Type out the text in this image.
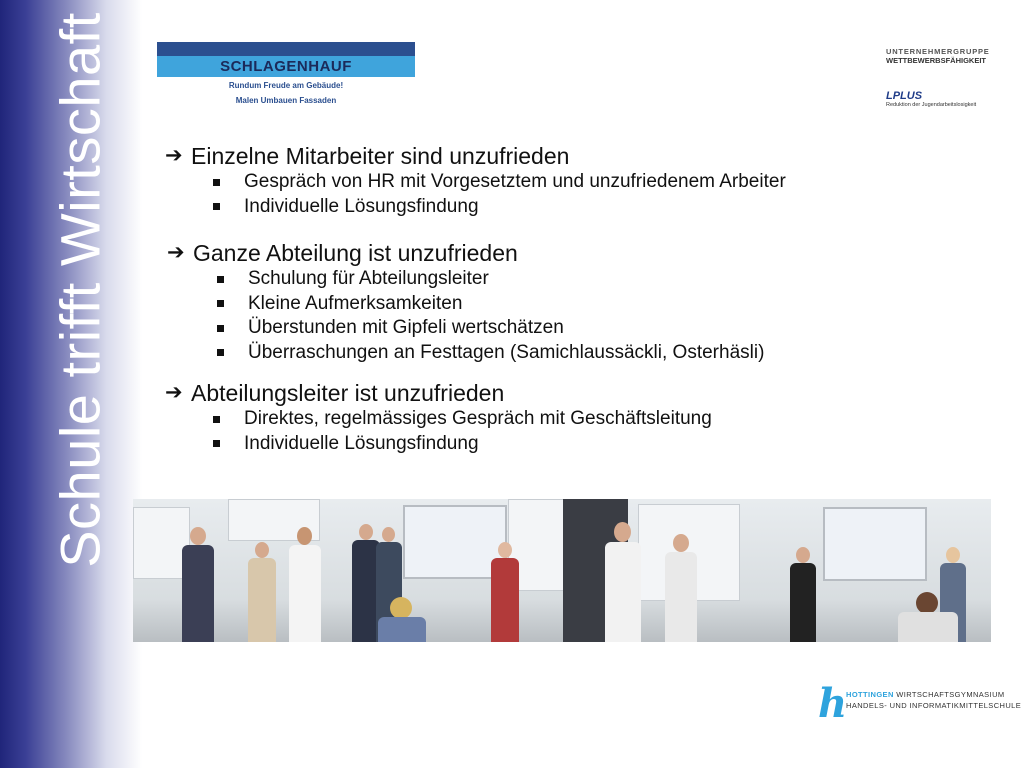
Schule trifft Wirtschaft	SCHLAGENHAUF
Rundum Freude am Gebäude!
Malen Umbauen Fassaden
UNTERNEHMERGRUPPE
WETTBEWERBSFÄHIGKEIT
LPLUS
Reduktion der Jugendarbeitslosigkeit
➔ Einzelne Mitarbeiter sind unzufrieden
Gespräch von HR mit Vorgesetztem und unzufriedenem Arbeiter
Individuelle Lösungsfindung
➔ Ganze Abteilung ist unzufrieden
Schulung für Abteilungsleiter
Kleine Aufmerksamkeiten
Überstunden mit Gipfeli wertschätzen
Überraschungen an Festtagen (Samichlaussäckli, Osterhäsli)
➔ Abteilungsleiter ist unzufrieden
Direktes, regelmässiges Gespräch mit Geschäftsleitung
Individuelle Lösungsfindung
h
HOTTINGEN WIRTSCHAFTSGYMNASIUM
HANDELS- UND INFORMATIKMITTELSCHULE
